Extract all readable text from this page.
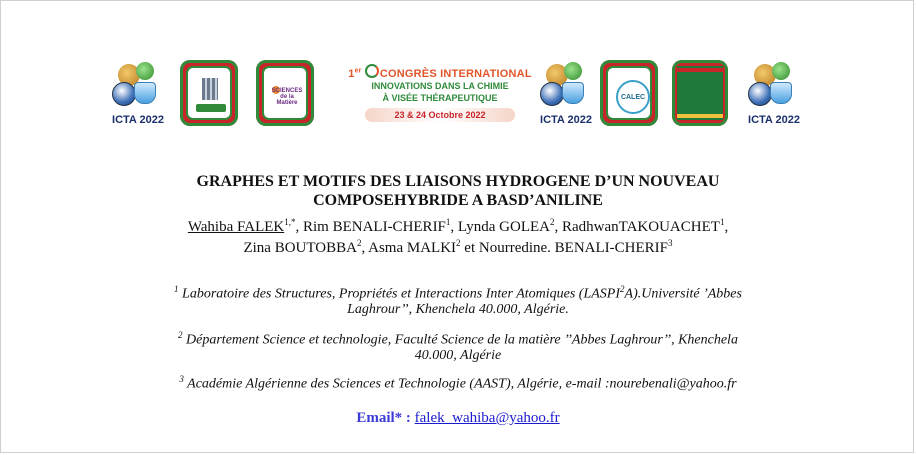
ICTA 2022
SCIENCES de la Matière
1er CONGRÈS INTERNATIONAL
INNOVATIONS DANS LA CHIMIE
À VISÉE THÉRAPEUTIQUE
23 & 24 Octobre 2022	ICTA 2022
CALEC
ICTA 2022
GRAPHES ET MOTIFS DES LIAISONS HYDROGENE D’UN NOUVEAU
COMPOSEHYBRIDE A BASD’ANILINE
Wahiba $FALEK^{1,*}$, Rim BENALI-CHERIF$^1$, Lynda GOLEA$^2$, RadhwanTAKOUACHET$^1$,
Zina BOUTOBBA$^2$, Asma MALKI$^2$ et Nourredine. BENALI-CHERIF$^3$
$^1$ Laboratoire des Structures, Propriétés et Interactions Inter Atomiques (LASPI$^2$A).Université ’Abbes
Laghrour’’, Khenchela 40.000, Algérie.
$^2$ Département Science et technologie, Faculté Science de la matière ’’Abbes Laghrour’’, Khenchela
40.000, Algérie
$^3$ Académie Algérienne des Sciences et Technologie (AAST), Algérie, e-mail :nourebenali@yahoo.fr
Email* : falek_wahiba@yahoo.fr
